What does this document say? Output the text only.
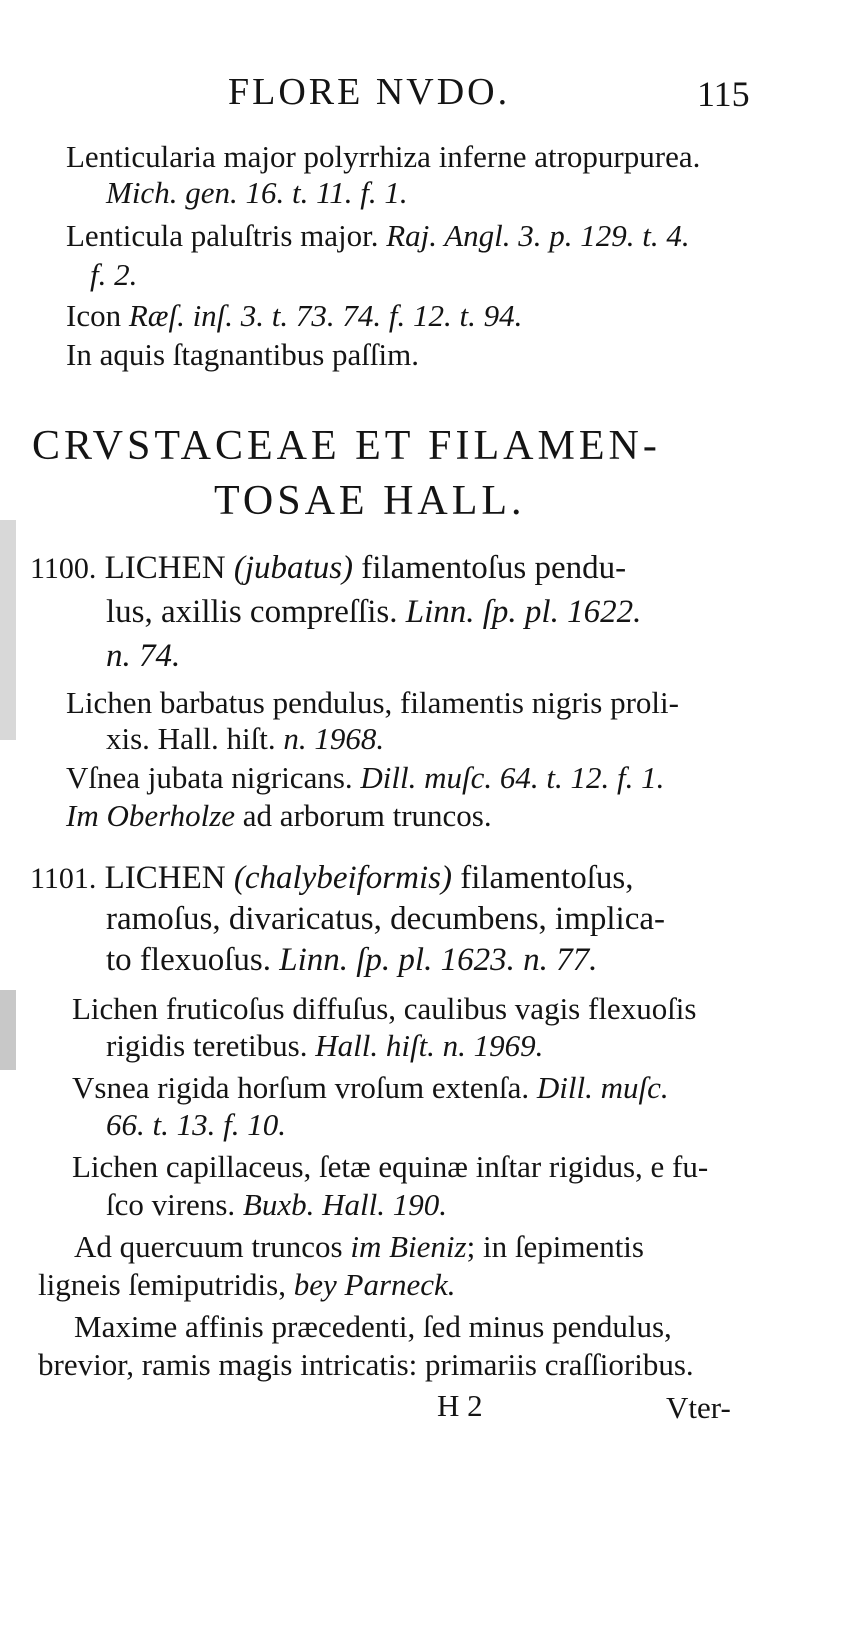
FLORE NVDO.	115
Lenticularia major polyrrhiza inferne atropurpurea.
Mich. gen. 16. t. 11. f. 1.
Lenticula paluſtris major. Raj. Angl. 3. p. 129. t. 4.
f. 2.
Icon Ræſ. inſ. 3. t. 73. 74. f. 12. t. 94.
In aquis ſtagnantibus paſſim.
CRVSTACEAE ET FILAMEN-
TOSAE HALL.
1100. LICHEN (jubatus) filamentoſus pendu-
lus, axillis compreſſis. Linn. ſp. pl. 1622.
n. 74.
Lichen barbatus pendulus, filamentis nigris proli-
xis. Hall. hiſt. n. 1968.
Vſnea jubata nigricans. Dill. muſc. 64. t. 12. f. 1.
Im Oberholze ad arborum truncos.
1101. LICHEN (chalybeiformis) filamentoſus,
ramoſus, divaricatus, decumbens, implica-
to flexuoſus. Linn. ſp. pl. 1623. n. 77.
Lichen fruticoſus diffuſus, caulibus vagis flexuoſis
rigidis teretibus. Hall. hiſt. n. 1969.
Vsnea rigida horſum vroſum extenſa. Dill. muſc.
66. t. 13. f. 10.
Lichen capillaceus, ſetæ equinæ inſtar rigidus, e fu-
ſco virens. Buxb. Hall. 190.
Ad quercuum truncos im Bieniz; in ſepimentis
ligneis ſemiputridis, bey Parneck.
Maxime affinis præcedenti, ſed minus pendulus,
brevior, ramis magis intricatis: primariis craſſioribus.
H 2	Vter-
